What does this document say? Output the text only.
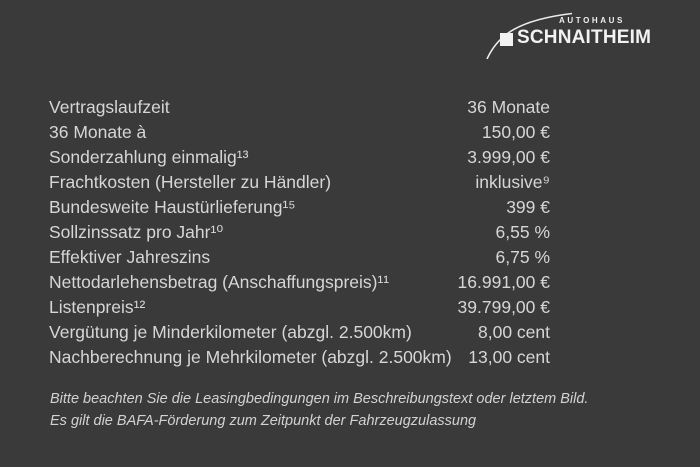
AUTOHAUS
SCHNAITHEIM
Vertragslaufzeit	36 Monate
36 Monate à	150,00 €
Sonderzahlung einmalig¹³	3.999,00 €
Frachtkosten (Hersteller zu Händler)	inklusive⁹
Bundesweite Haustürlieferung¹⁵	399 €
Sollzinssatz pro Jahr¹⁰	6,55 %
Effektiver Jahreszins	6,75 %
Nettodarlehensbetrag (Anschaffungspreis)¹¹	16.991,00 €
Listenpreis¹²	39.799,00 €
Vergütung je Minderkilometer (abzgl. 2.500km)	8,00 cent
Nachberechnung je Mehrkilometer (abzgl. 2.500km) 13,00 cent
Bitte beachten Sie die Leasingbedingungen im Beschreibungstext oder letztem Bild.
Es gilt die BAFA-Förderung zum Zeitpunkt der Fahrzeugzulassung
